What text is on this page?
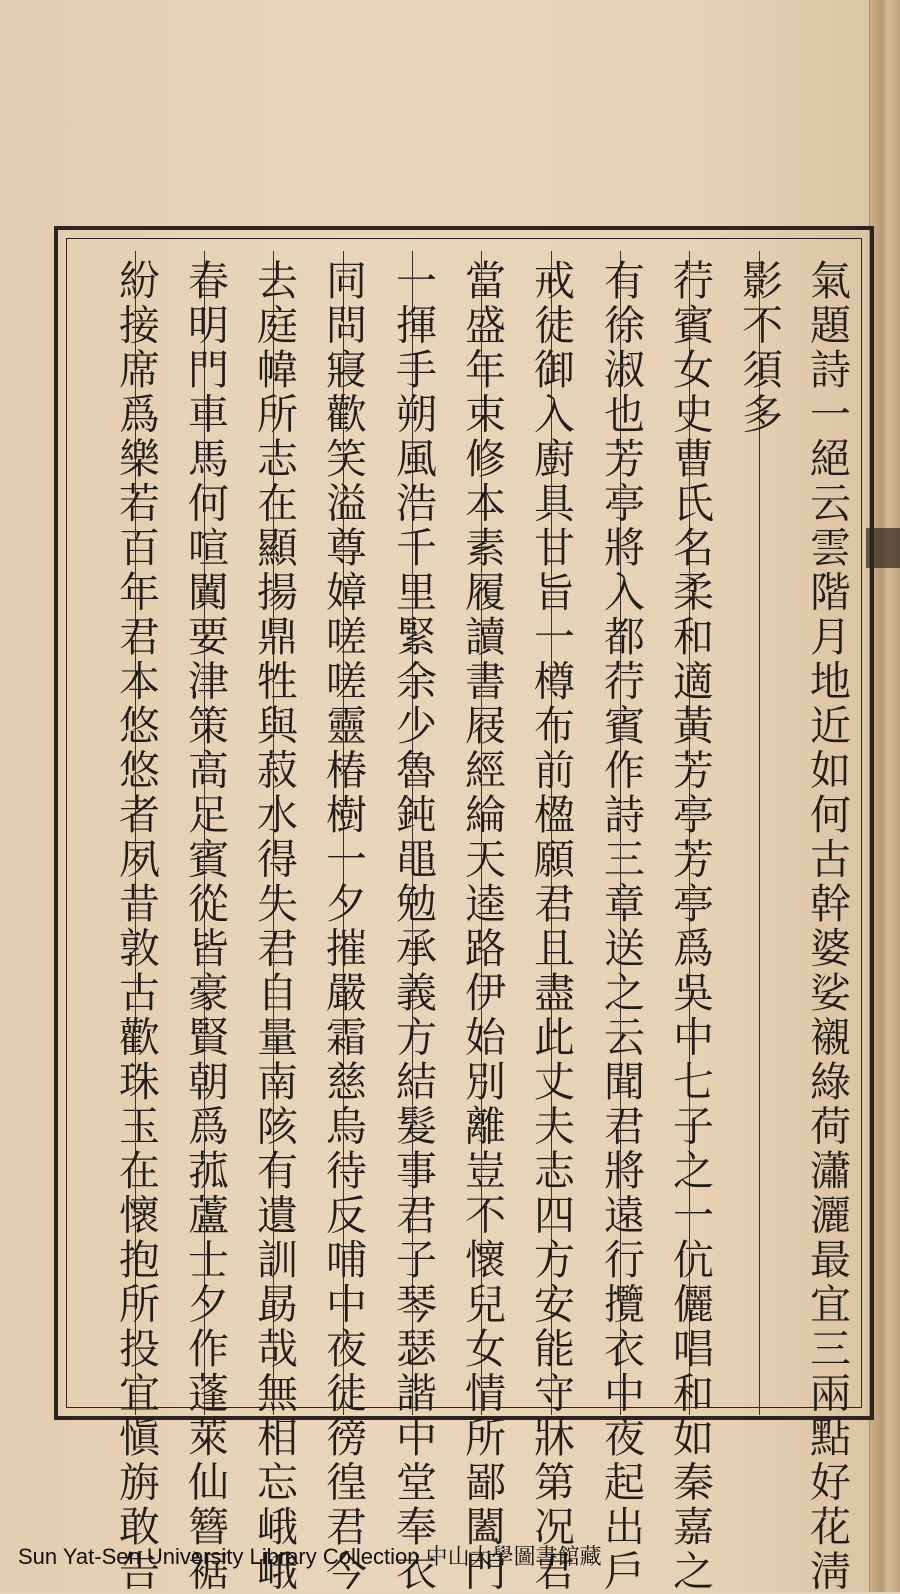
氣題詩一絕云雲階月地近如何古幹婆娑襯綠荷瀟灑最宜三兩點好花淸
影不須多
荇賓女史曹氏名柔和適黃芳亭芳亭爲吳中七子之一伉儷唱和如秦嘉之
有徐淑也芳亭將入都荇賓作詩三章送之云聞君將遠行攬衣中夜起出戶
戒徒御入廚具甘旨一樽布前楹願君且盡此丈夫志四方安能守牀第况君
當盛年束修本素履讀書屐經綸天逵路伊始別離豈不懷兒女情所鄙闔門
一揮手朔風浩千里緊余少魯鈍黽勉承義方結髮事君子琴瑟諧中堂奉衣
同問寢歡笑溢尊嫜嗟嗟靈椿樹一夕摧嚴霜慈烏待反哺中夜徒徬徨君今
去庭幃所志在顯揚鼎牲與菽水得失君自量南陔有遺訓勗哉無相忘峨峨
春明門車馬何喧闐要津策高足賓從皆豪賢朝爲菰蘆士夕作蓬萊仙簪裾
紛接席爲樂若百年君本悠悠者夙昔敦古歡珠玉在懷抱所投宜愼旃敢告
Sun Yat-Sen University Library Collection 中山大學圖書館藏
